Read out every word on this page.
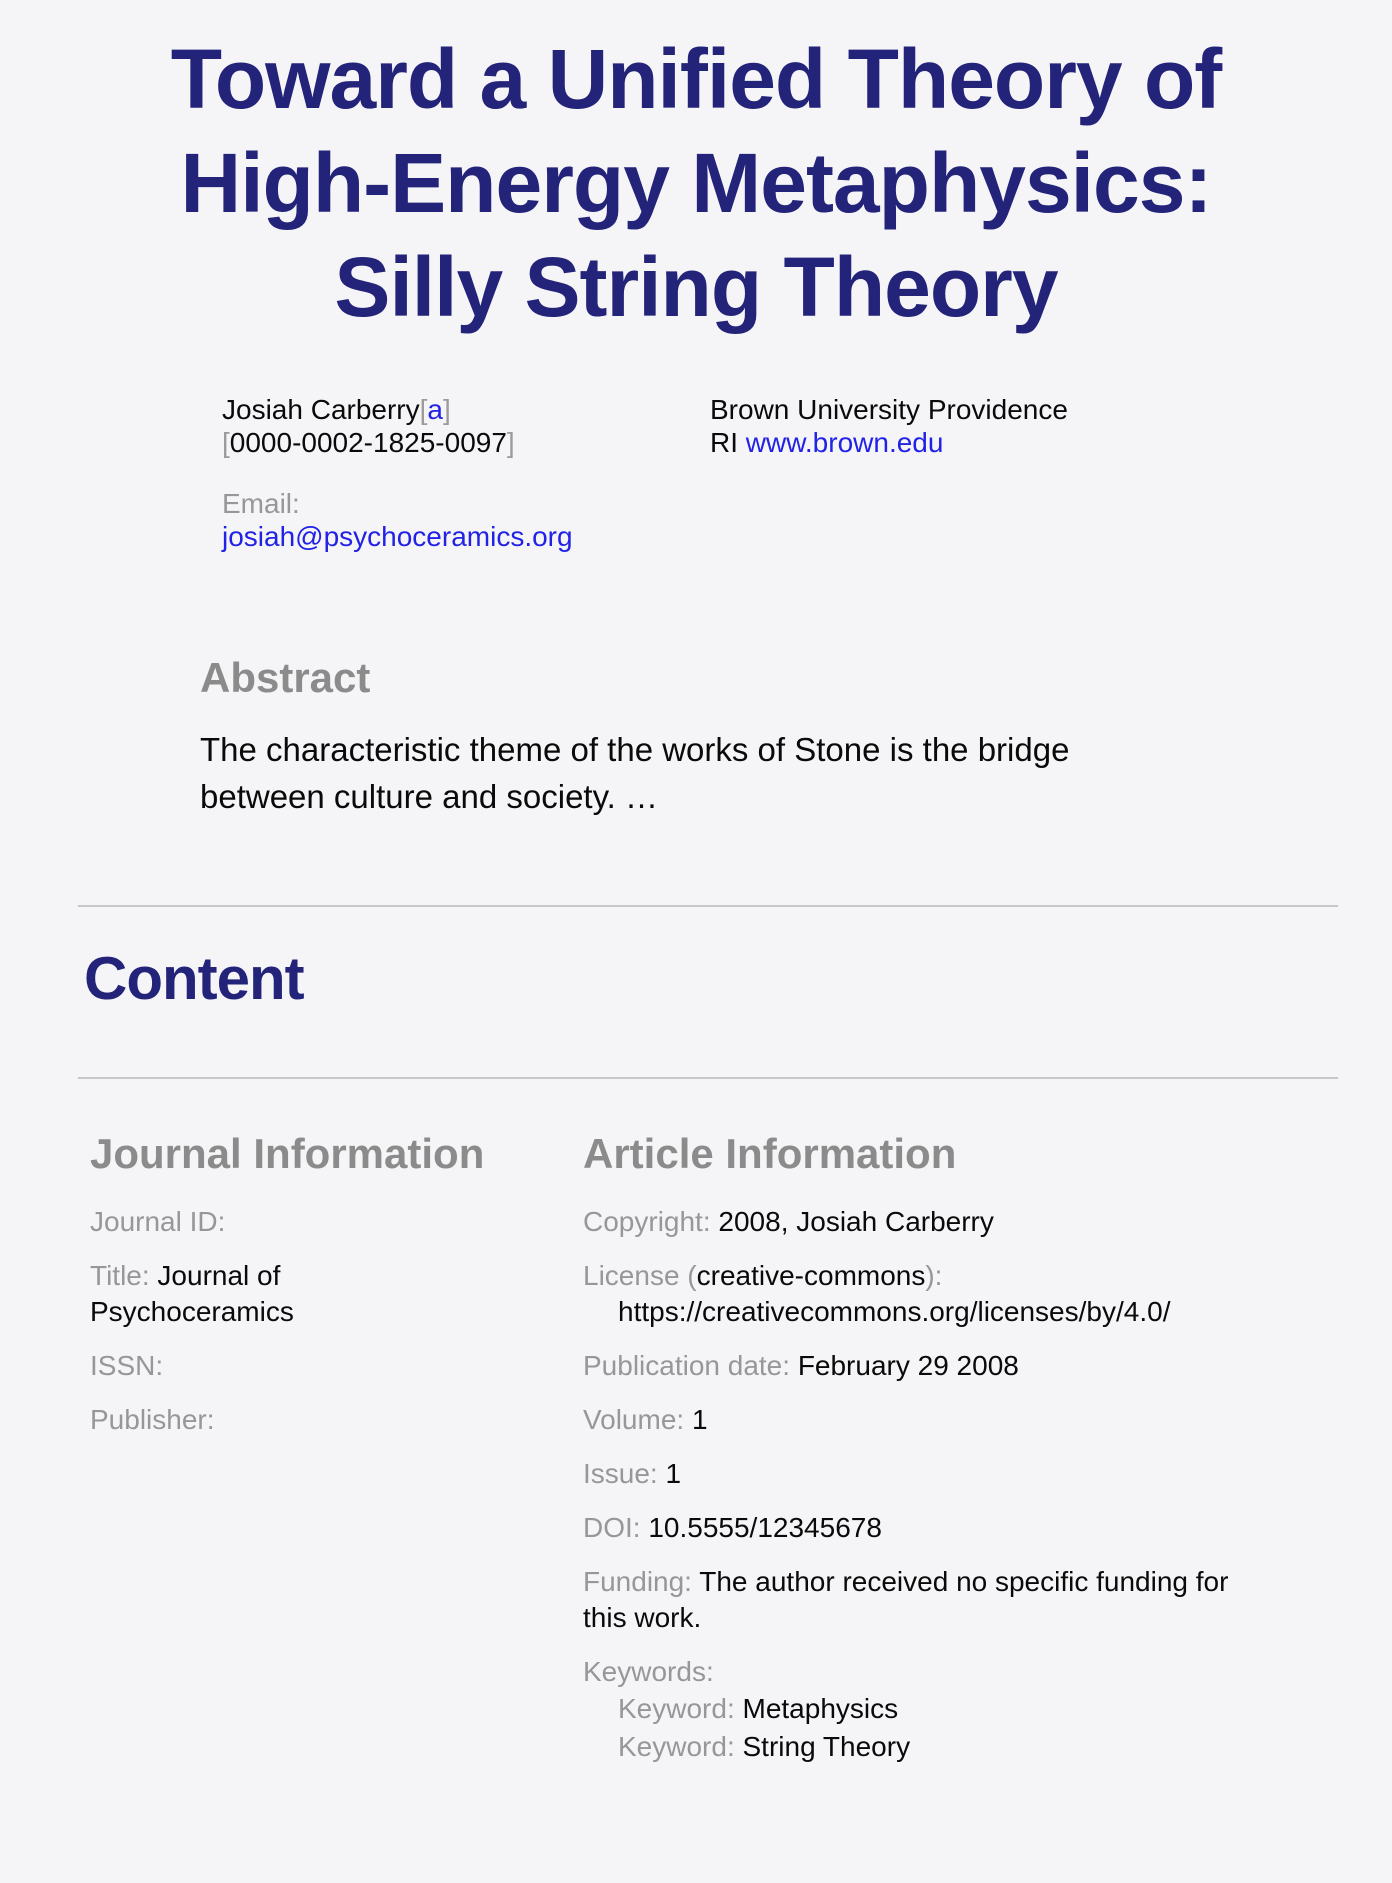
Toward a Unified Theory of
High-Energy Metaphysics:
Silly String Theory
Josiah Carberry[a]
[0000-0002-1825-0097]
Email:
josiah@psychoceramics.org
Brown University Providence
RI www.brown.edu
Abstract

The characteristic theme of the works of Stone is the bridge between culture and society. …

Content
Journal Information
Journal ID:
Title: Journal of Psychoceramics
ISSN:
Publisher:
Article Information
Copyright: 2008, Josiah Carberry
License (creative-commons):
https://creativecommons.org/licenses/by/4.0/
Publication date: February 29 2008
Volume: 1
Issue: 1
DOI: 10.5555/12345678
Funding: The author received no specific funding for this work.
Keywords:
Keyword: Metaphysics
Keyword: String Theory
